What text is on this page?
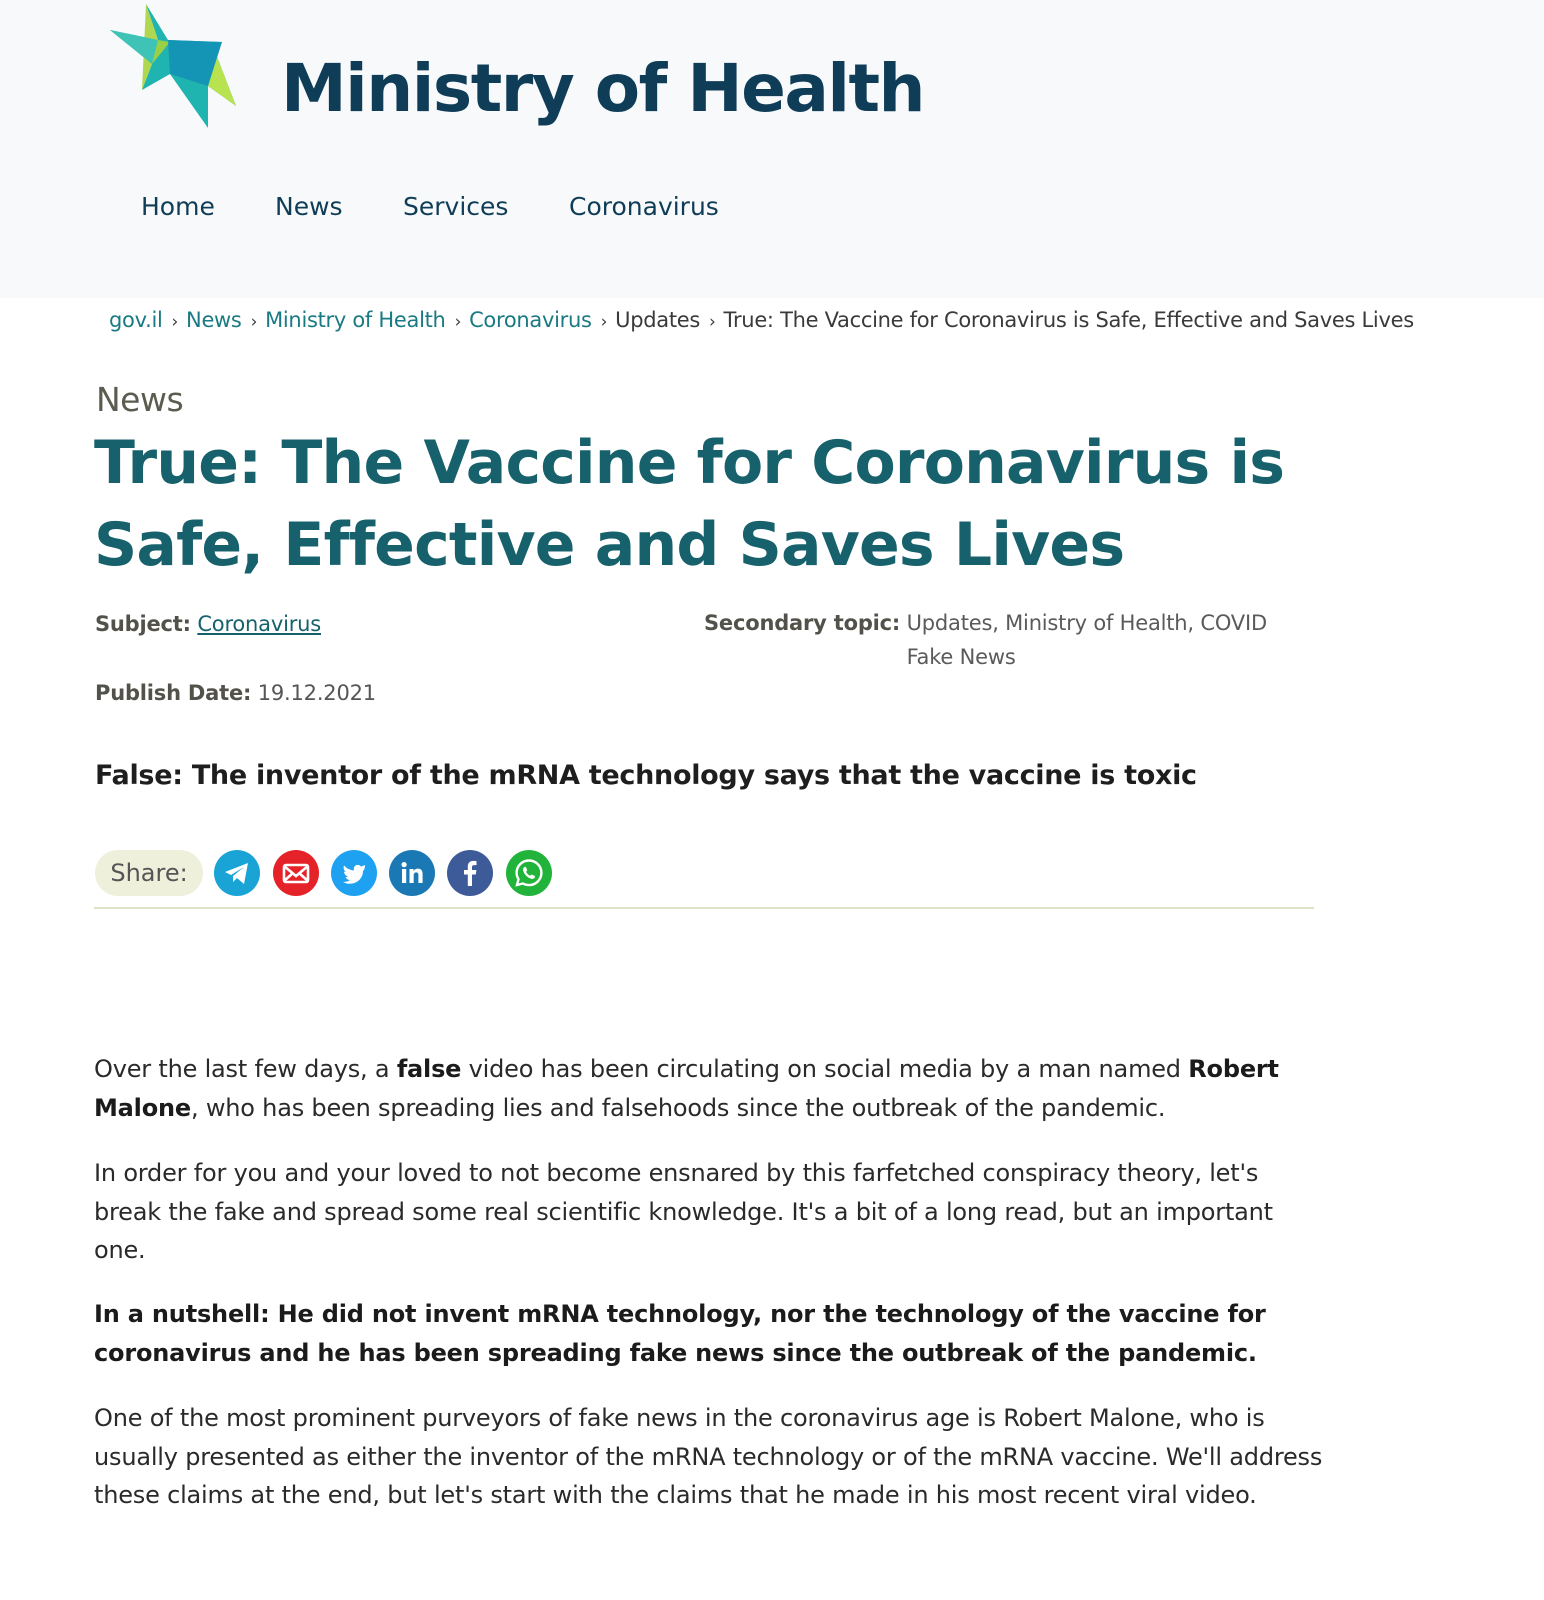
Ministry of Health
Home News Services Coronavirus
gov.il › News › Ministry of Health › Coronavirus › Updates › True: The Vaccine for Coronavirus is Safe, Effective and Saves Lives
News
True: The Vaccine for Coronavirus is Safe, Effective and Saves Lives
Subject: Coronavirus	Secondary topic: Updates, Ministry of Health, COVID Fake News
Publish Date: 19.12.2021
False: The inventor of the mRNA technology says that the vaccine is toxic
Share:

Over the last few days, a false video has been circulating on social media by a man named Robert Malone, who has been spreading lies and falsehoods since the outbreak of the pandemic.

In order for you and your loved to not become ensnared by this farfetched conspiracy theory, let's break the fake and spread some real scientific knowledge. It's a bit of a long read, but an important one.

In a nutshell: He did not invent mRNA technology, nor the technology of the vaccine for coronavirus and he has been spreading fake news since the outbreak of the pandemic.

One of the most prominent purveyors of fake news in the coronavirus age is Robert Malone, who is usually presented as either the inventor of the mRNA technology or of the mRNA vaccine. We'll address these claims at the end, but let's start with the claims that he made in his most recent viral video.
